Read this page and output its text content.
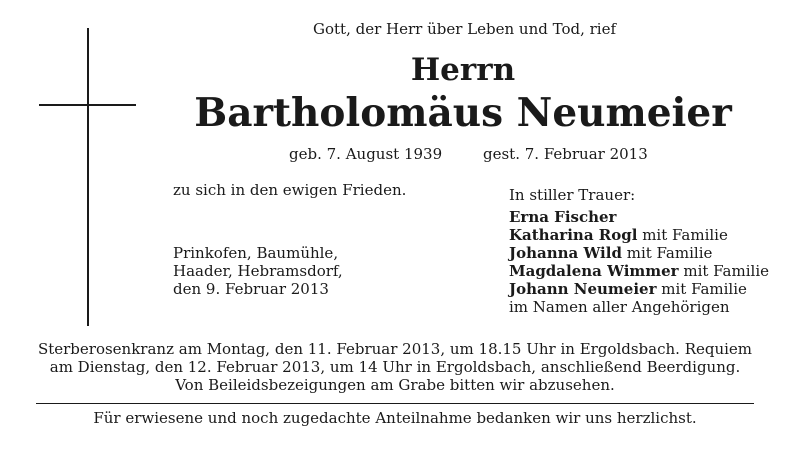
Gott, der Herr über Leben und Tod, rief
Herrn
Bartholomäus Neumeier
geb. 7. August 1939	gest. 7. Februar 2013
zu sich in den ewigen Frieden.
Prinkofen, Baumühle,
Haader, Hebramsdorf,
den 9. Februar 2013
In stiller Trauer:
Erna Fischer
Katharina Rogl mit Familie
Johanna Wild mit Familie
Magdalena Wimmer mit Familie
Johann Neumeier mit Familie
im Namen aller Angehörigen
Sterberosenkranz am Montag, den 11. Februar 2013, um 18.15 Uhr in Ergoldsbach. Requiem
am Dienstag, den 12. Februar 2013, um 14 Uhr in Ergoldsbach, anschließend Beerdigung.
Von Beileidsbezeigungen am Grabe bitten wir abzusehen.
Für erwiesene und noch zugedachte Anteilnahme bedanken wir uns herzlichst.
